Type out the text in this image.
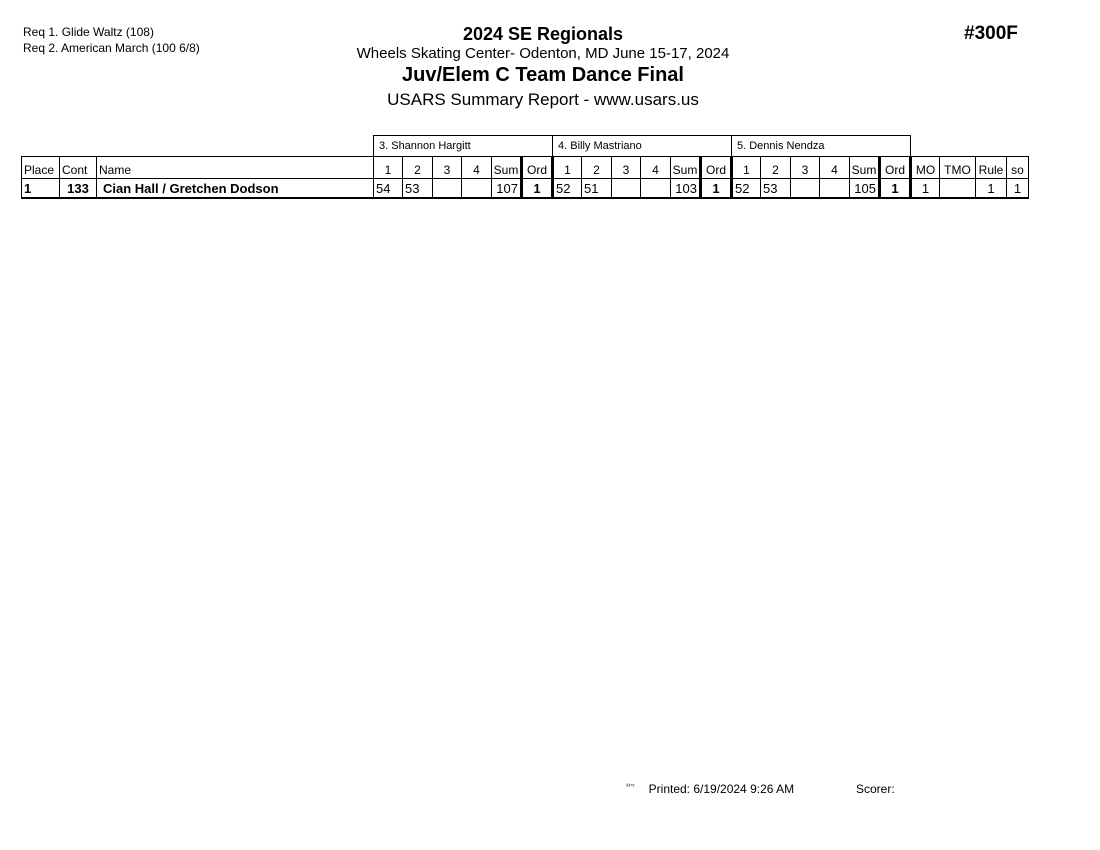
Req 1. Glide Waltz (108)
Req 2. American March (100 6/8)
2024 SE Regionals
Wheels Skating Center- Odenton, MD June 15-17, 2024
Juv/Elem C Team Dance Final
USARS Summary Report - www.usars.us
#300F
			3. Shannon Hargitt						4. Billy Mastriano						5. Dennis Nendza									
Place	Cont	Name	1	2	3	4	Sum	Ord	1	2	3	4	Sum	Ord	1	2	3	4	Sum	Ord	MO	TMO	Rule	so
1	133	Cian Hall / Gretchen Dodson	54	53			107	1	52	51			103	1	52	53			105	1	1		1	1
$^{^{3375}}$ Printed: 6/19/2024 9:26 AM	Scorer:
